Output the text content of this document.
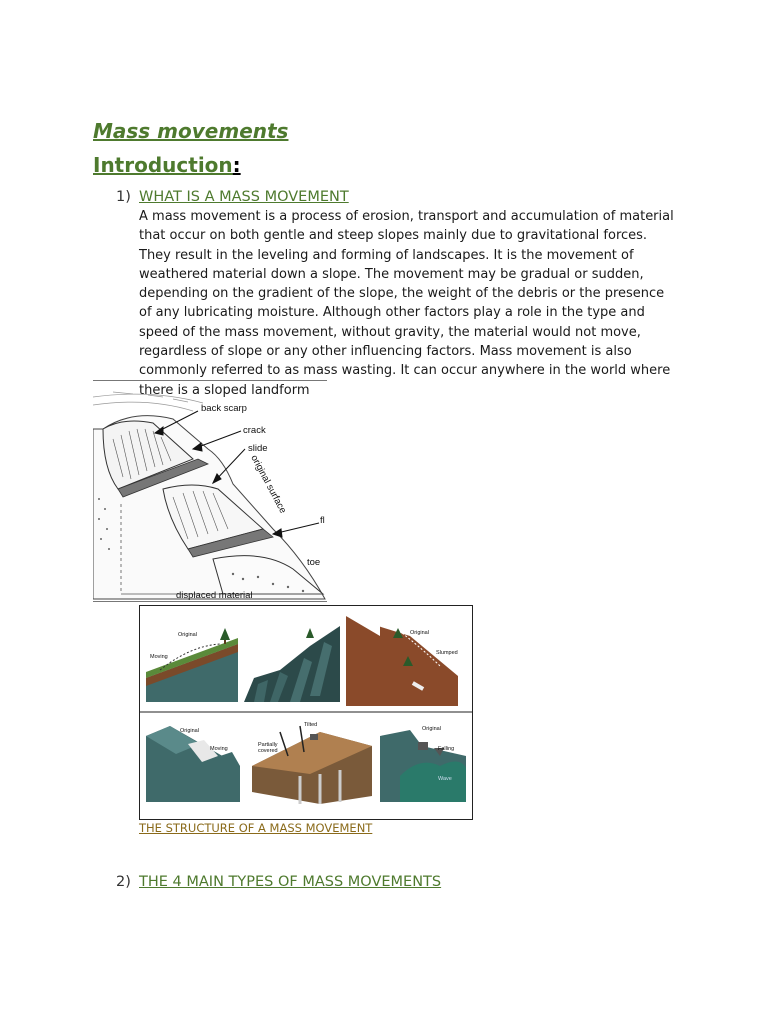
Mass movements
Introduction:
1) WHAT IS A MASS MOVEMENT

A mass movement is a process of erosion, transport and accumulation of material that occur on both gentle and steep slopes mainly due to gravitational forces. They result in the leveling and forming of landscapes. It is the movement of weathered material down a slope. The movement may be gradual or sudden, depending on the gradient of the slope, the weight of the debris or the presence of any lubricating moisture. Although other factors play a role in the type and speed of the mass movement, without gravity, the material would not move, regardless of slope or any other influencing factors. Mass movement is also commonly referred to as mass wasting. It can occur anywhere in the world where there is a sloped landform

back scarp
crack
slide
original surface
fl
toe
displaced material
Original
Moving
Original
Slumped
Original
Moving
Tilted
Partially
covered
Original
Falling
Wave
THE STRUCTURE OF A MASS MOVEMENT
2) THE 4 MAIN TYPES OF MASS MOVEMENTS
